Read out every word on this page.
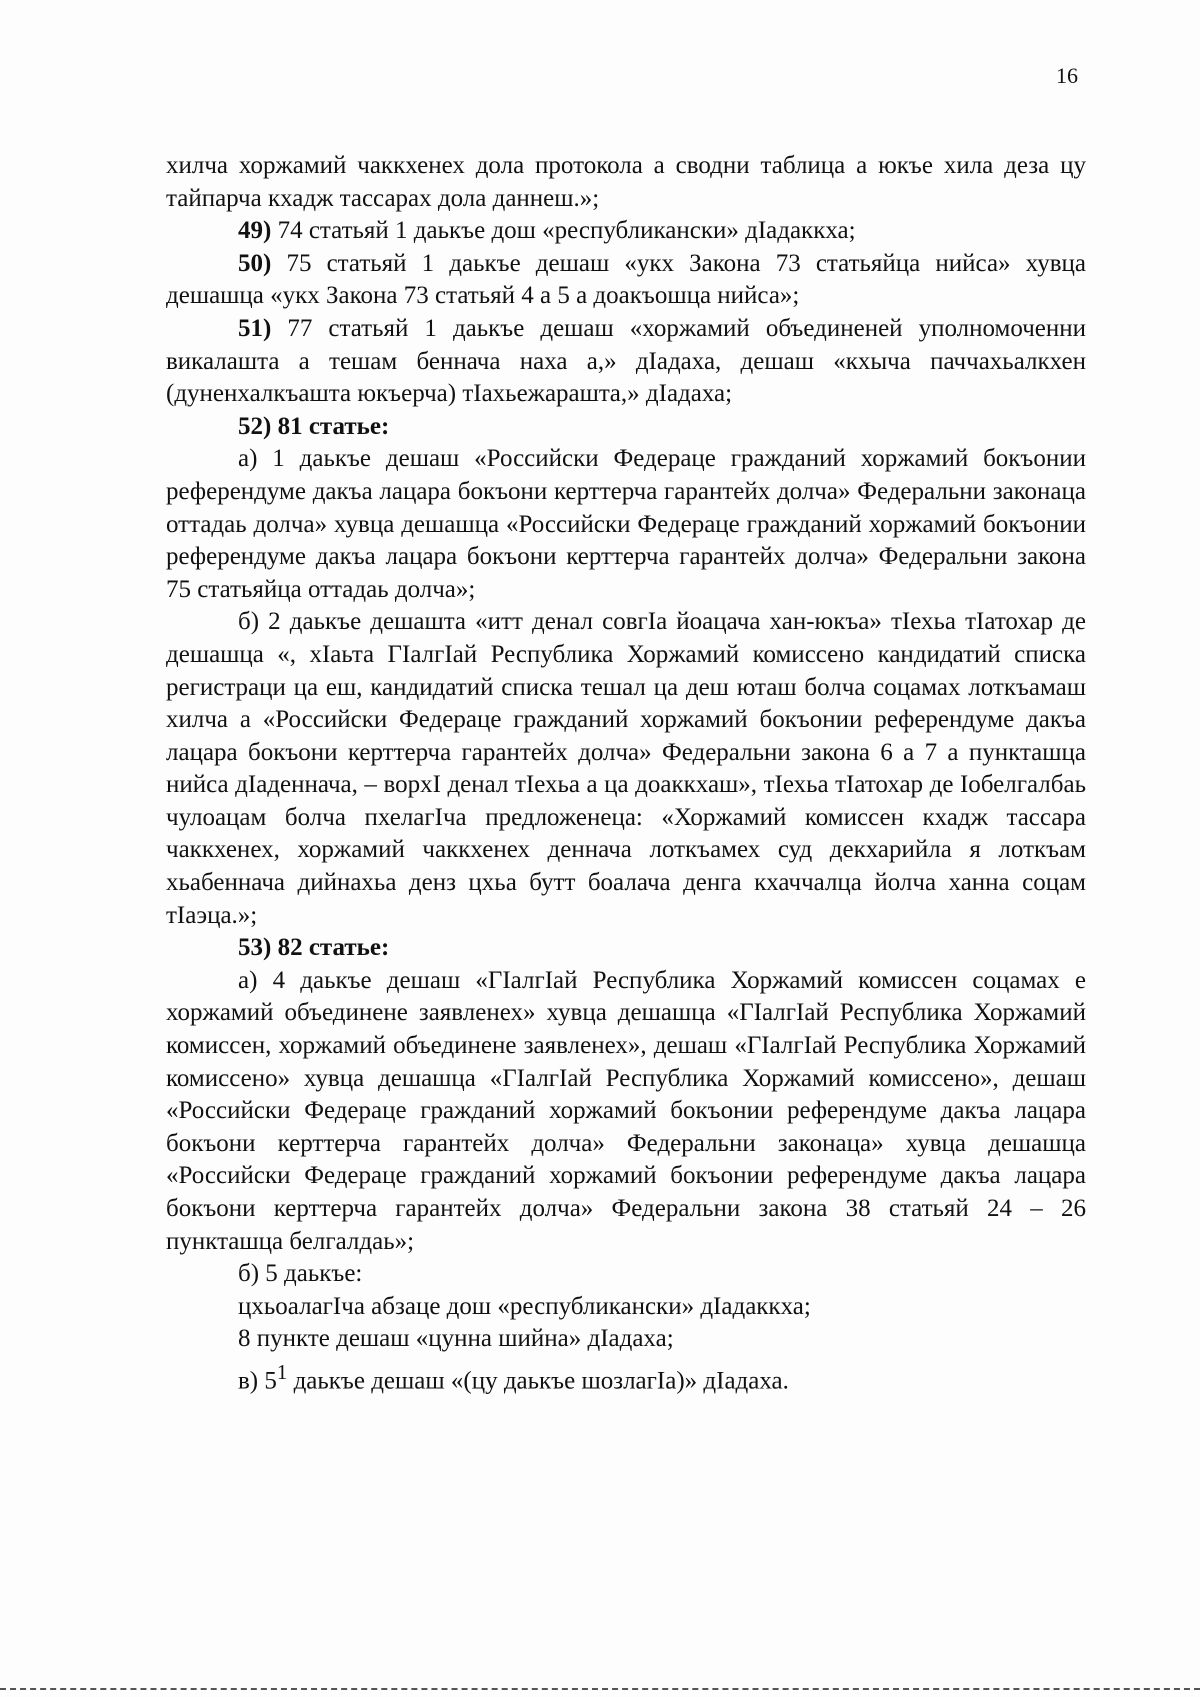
16

хилча хоржамий чаккхенех дола протокола а сводни таблица а юкъе хила деза цу тайпарча кхадж тассарах дола даннеш.»;

49) 74 статьяй 1 даькъе дош «республикански» дӀадаккха;

50) 75 статьяй 1 даькъе дешаш «укх Закона 73 статьяйца нийса» хувца дешашца «укх Закона 73 статьяй 4 а 5 а доакъошца нийса»;

51) 77 статьяй 1 даькъе дешаш «хоржамий объединеней уполномоченни викалашта а тешам беннача наха а,» дӀадаха, дешаш «кхыча паччахьалкхен (дуненхалкъашта юкъерча) тӀахьежараштa,» дӀадаха;

52) 81 статье:

а) 1 даькъе дешаш «Российски Федераце гражданий хоржамий бокъонии референдуме дакъа лацара бокъони керттерча гарантейх долча» Федеральни законаца оттадаь долча» хувца дешашца «Российски Федераце гражданий хоржамий бокъонии референдуме дакъа лацара бокъони керттерча гарантейх долча» Федеральни закона 75 статьяйца оттадаь долча»;

б) 2 даькъе дешашта «итт денал совгӀа йоацача хан-юкъа» тӀехьа тӀатохар де дешашца «, хӀаьта ГӀалгӀай Республика Хоржамий комиссено кандидатий списка регистраци ца еш, кандидатий списка тешал ца деш юташ болча соцамах лоткъамаш хилча а «Российски Федераце гражданий хоржамий бокъонии референдуме дакъа лацара бокъони керттерча гарантейх долча» Федеральни закона 6 а 7 а пункташца нийса дӀаденнача, – ворхӀ денал тӀехьа а ца доаккхаш», тӀехьа тӀатохар де Iобелгалбаь чулоацам болча пхелагӀча предложенеца: «Хоржамий комиссен кхадж тассара чаккхенех, хоржамий чаккхенех деннача лоткъамех суд декхарийла я лоткъам хьабеннача дийнахьа денз цхьа бутт боалача денга кхаччалца йолча ханна соцам тӀаэца.»;

53) 82 статье:

а) 4 даькъе дешаш «ГӀалгӀай Республика Хоржамий комиссен соцамах е хоржамий объединене заявленех» хувца дешашца «ГӀалгӀай Республика Хоржамий комиссен, хоржамий объединене заявленех», дешаш «ГӀалгӀай Республика Хоржамий комиссено» хувца дешашца «ГӀалгӀай Республика Хоржамий комиссено», дешаш «Российски Федераце гражданий хоржамий бокъонии референдуме дакъа лацара бокъони керттерча гарантейх долча» Федеральни законаца» хувца дешашца «Российски Федераце гражданий хоржамий бокъонии референдуме дакъа лацара бокъони керттерча гарантейх долча» Федеральни закона 38 статьяй 24 – 26 пункташца белгалдаь»;

б) 5 даькъе:

цхьоалагӀча абзаце дош «республикански» дӀадаккха;

8 пункте дешаш «цунна шийна» дӀадаха;

в) $5^1$ даькъе дешаш «(цу даькъе шозлагӀа)» дӀадаха.
